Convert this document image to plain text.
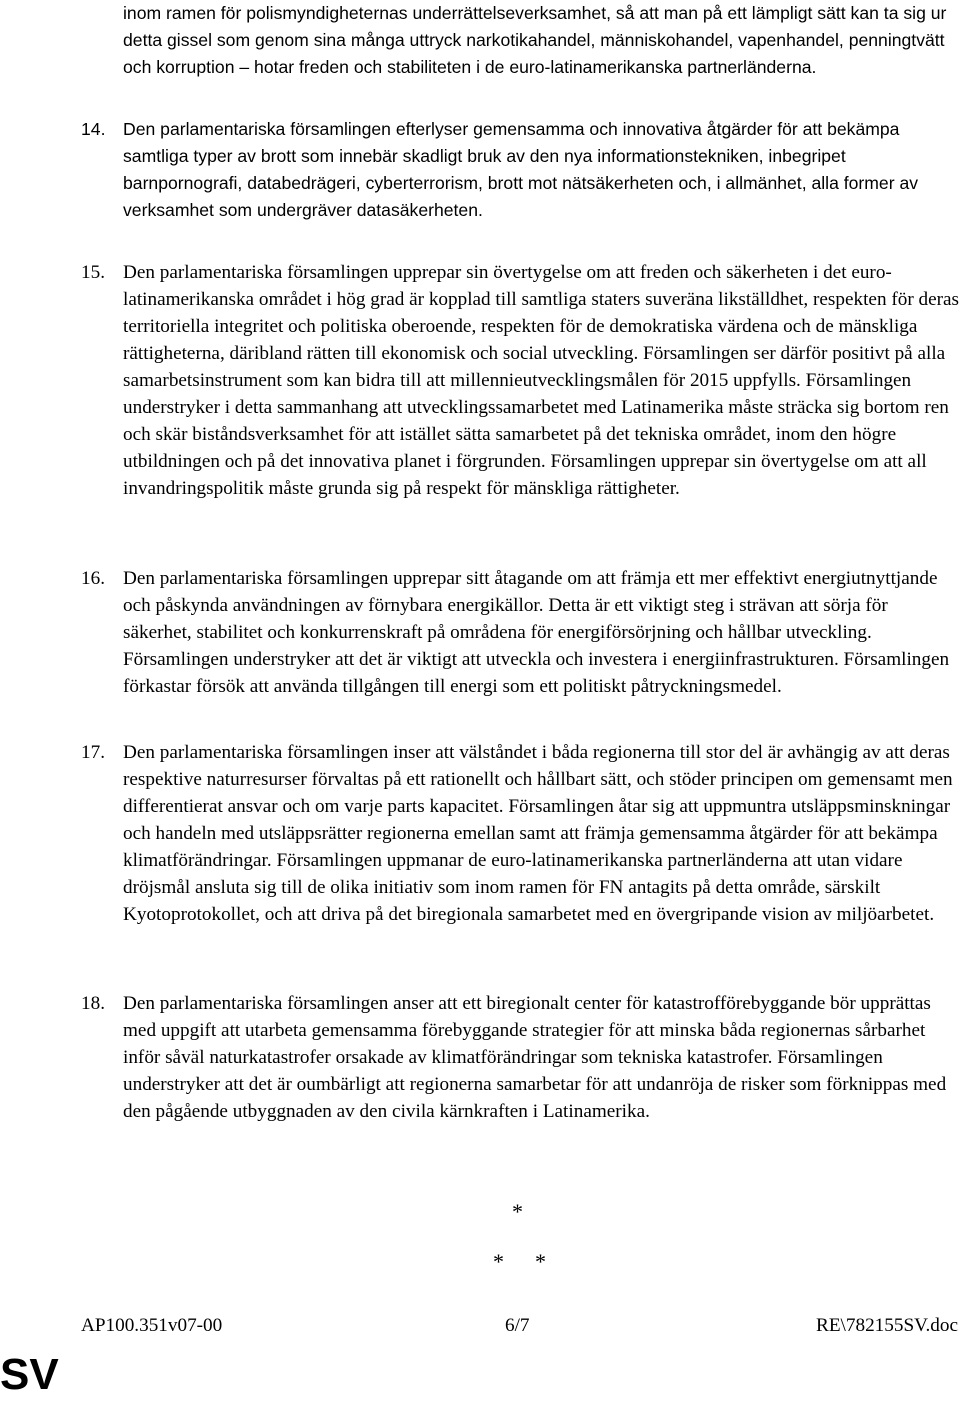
inom ramen för polismyndigheternas underrättelseverksamhet, så att man på ett lämpligt sätt kan ta sig ur detta gissel som genom sina många uttryck narkotikahandel, människohandel, vapenhandel, penningtvätt och korruption – hotar freden och stabiliteten i de euro-latinamerikanska partnerländerna.

14. Den parlamentariska församlingen efterlyser gemensamma och innovativa åtgärder för att bekämpa samtliga typer av brott som innebär skadligt bruk av den nya informationstekniken, inbegripet barnpornografi, databedrägeri, cyberterrorism, brott mot nätsäkerheten och, i allmänhet, alla former av verksamhet som undergräver datasäkerheten.
15. Den parlamentariska församlingen upprepar sin övertygelse om att freden och säkerheten i det euro-latinamerikanska området i hög grad är kopplad till samtliga staters suveräna likställdhet, respekten för deras territoriella integritet och politiska oberoende, respekten för de demokratiska värdena och de mänskliga rättigheterna, däribland rätten till ekonomisk och social utveckling. Församlingen ser därför positivt på alla samarbetsinstrument som kan bidra till att millennieutvecklingsmålen för 2015 uppfylls. Församlingen understryker i detta sammanhang att utvecklingssamarbetet med Latinamerika måste sträcka sig bortom ren och skär biståndsverksamhet för att istället sätta samarbetet på det tekniska området, inom den högre utbildningen och på det innovativa planet i förgrunden. Församlingen upprepar sin övertygelse om att all invandringspolitik måste grunda sig på respekt för mänskliga rättigheter.
16. Den parlamentariska församlingen upprepar sitt åtagande om att främja ett mer effektivt energiutnyttjande och påskynda användningen av förnybara energikällor. Detta är ett viktigt steg i strävan att sörja för säkerhet, stabilitet och konkurrenskraft på områdena för energiförsörjning och hållbar utveckling. Församlingen understryker att det är viktigt att utveckla och investera i energiinfrastrukturen. Församlingen förkastar försök att använda tillgången till energi som ett politiskt påtryckningsmedel.
17. Den parlamentariska församlingen inser att välståndet i båda regionerna till stor del är avhängig av att deras respektive naturresurser förvaltas på ett rationellt och hållbart sätt, och stöder principen om gemensamt men differentierat ansvar och om varje parts kapacitet. Församlingen åtar sig att uppmuntra utsläppsminskningar och handeln med utsläppsrätter regionerna emellan samt att främja gemensamma åtgärder för att bekämpa klimatförändringar. Församlingen uppmanar de euro-latinamerikanska partnerländerna att utan vidare dröjsmål ansluta sig till de olika initiativ som inom ramen för FN antagits på detta område, särskilt Kyotoprotokollet, och att driva på det biregionala samarbetet med en övergripande vision av miljöarbetet.
18. Den parlamentariska församlingen anser att ett biregionalt center för katastrofförebyggande bör upprättas med uppgift att utarbeta gemensamma förebyggande strategier för att minska båda regionernas sårbarhet inför såväl naturkatastrofer orsakade av klimatförändringar som tekniska katastrofer. Församlingen understryker att det är oumbärligt att regionerna samarbetar för att undanröja de risker som förknippas med den pågående utbyggnaden av den civila kärnkraften i Latinamerika.
*
* *
AP100.351v07-00	6/7	RE\782155SV.doc
SV
